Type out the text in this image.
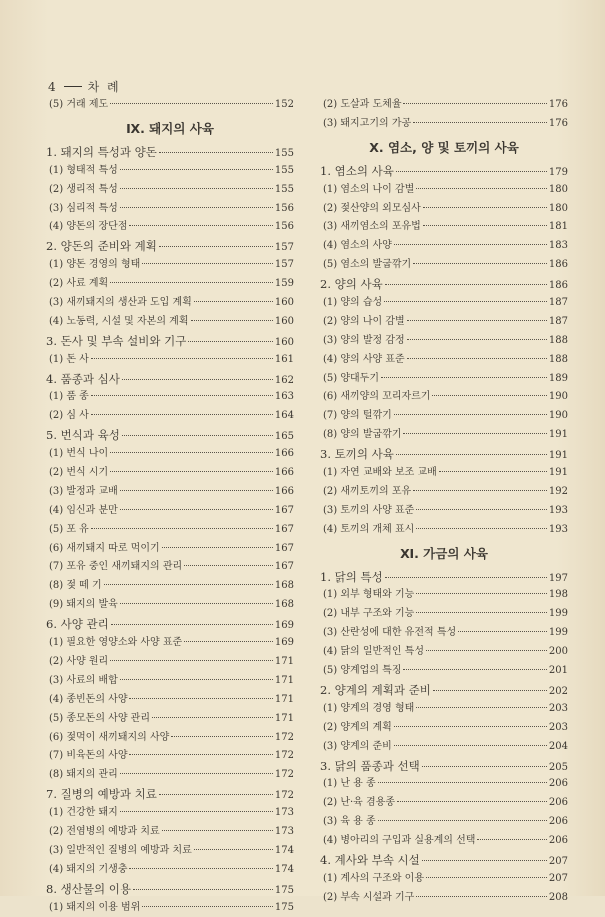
4	차 례
(5) 거래 제도	152
Ⅸ. 돼지의 사육
1. 돼지의 특성과 양돈	155
(1) 형태적 특성	155
(2) 생리적 특성	155
(3) 심리적 특성	156
(4) 양돈의 장단점	156
2. 양돈의 준비와 계획	157
(1) 양돈 경영의 형태	157
(2) 사료 계획	159
(3) 새끼돼지의 생산과 도입 계획	160
(4) 노동력, 시설 및 자본의 계획	160
3. 돈사 및 부속 설비와 기구	160
(1) 돈 사	161
4. 품종과 심사	162
(1) 품 종	163
(2) 심 사	164
5. 번식과 육성	165
(1) 번식 나이	166
(2) 번식 시기	166
(3) 발정과 교배	166
(4) 임신과 분만	167
(5) 포 유	167
(6) 새끼돼지 따로 먹이기	167
(7) 포유 중인 새끼돼지의 관리	167
(8) 젖 떼 기	168
(9) 돼지의 발육	168
6. 사양 관리	169
(1) 필요한 영양소와 사양 표준	169
(2) 사양 원리	171
(3) 사료의 배합	171
(4) 종빈돈의 사양	171
(5) 종모돈의 사양 관리	171
(6) 젖먹이 새끼돼지의 사양	172
(7) 비육돈의 사양	172
(8) 돼지의 관리	172
7. 질병의 예방과 치료	172
(1) 건강한 돼지	173
(2) 전염병의 예방과 치료	173
(3) 일반적인 질병의 예방과 치료	174
(4) 돼지의 기생충	174
8. 생산물의 이용	175
(1) 돼지의 이용 범위	175
(2) 도살과 도체율	176
(3) 돼지고기의 가공	176
Ⅹ. 염소, 양 및 토끼의 사육
1. 염소의 사육	179
(1) 염소의 나이 감별	180
(2) 젖산양의 외모심사	180
(3) 새끼염소의 포유법	181
(4) 염소의 사양	183
(5) 염소의 발굽깎기	186
2. 양의 사육	186
(1) 양의 습성	187
(2) 양의 나이 감별	187
(3) 양의 발정 감정	188
(4) 양의 사양 표준	188
(5) 양대두기	189
(6) 새끼양의 꼬리자르기	190
(7) 양의 털깎기	190
(8) 양의 발굽깎기	191
3. 토끼의 사육	191
(1) 자연 교배와 보조 교배	191
(2) 새끼토끼의 포유	192
(3) 토끼의 사양 표준	193
(4) 토끼의 개체 표시	193
Ⅺ. 가금의 사육
1. 닭의 특성	197
(1) 외부 형태와 기능	198
(2) 내부 구조와 기능	199
(3) 산란성에 대한 유전적 특성	199
(4) 닭의 일반적인 특성	200
(5) 양계업의 특징	201
2. 양계의 계획과 준비	202
(1) 양계의 경영 형태	203
(2) 양계의 계획	203
(3) 양계의 준비	204
3. 닭의 품종과 선택	205
(1) 난 용 종	206
(2) 난·육 겸용종	206
(3) 육 용 종	206
(4) 병아리의 구입과 실용계의 선택	206
4. 계사와 부속 시설	207
(1) 계사의 구조와 이용	207
(2) 부속 시설과 기구	208
